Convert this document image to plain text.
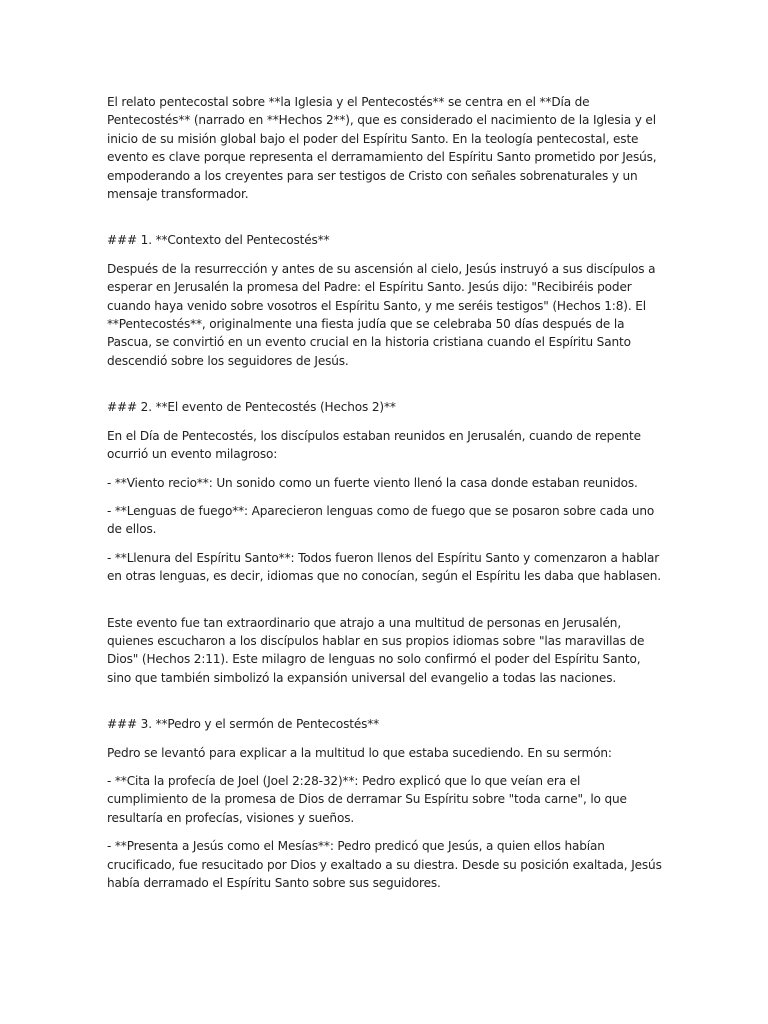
El relato pentecostal sobre **la Iglesia y el Pentecostés** se centra en el **Día de Pentecostés** (narrado en **Hechos 2**), que es considerado el nacimiento de la Iglesia y el inicio de su misión global bajo el poder del Espíritu Santo. En la teología pentecostal, este evento es clave porque representa el derramamiento del Espíritu Santo prometido por Jesús, empoderando a los creyentes para ser testigos de Cristo con señales sobrenaturales y un mensaje transformador.

### 1. **Contexto del Pentecostés**

Después de la resurrección y antes de su ascensión al cielo, Jesús instruyó a sus discípulos a esperar en Jerusalén la promesa del Padre: el Espíritu Santo. Jesús dijo: "Recibiréis poder cuando haya venido sobre vosotros el Espíritu Santo, y me seréis testigos" (Hechos 1:8). El **Pentecostés**, originalmente una fiesta judía que se celebraba 50 días después de la Pascua, se convirtió en un evento crucial en la historia cristiana cuando el Espíritu Santo descendió sobre los seguidores de Jesús.

### 2. **El evento de Pentecostés (Hechos 2)**

En el Día de Pentecostés, los discípulos estaban reunidos en Jerusalén, cuando de repente ocurrió un evento milagroso:

- **Viento recio**: Un sonido como un fuerte viento llenó la casa donde estaban reunidos.

- **Lenguas de fuego**: Aparecieron lenguas como de fuego que se posaron sobre cada uno de ellos.

- **Llenura del Espíritu Santo**: Todos fueron llenos del Espíritu Santo y comenzaron a hablar en otras lenguas, es decir, idiomas que no conocían, según el Espíritu les daba que hablasen.

Este evento fue tan extraordinario que atrajo a una multitud de personas en Jerusalén, quienes escucharon a los discípulos hablar en sus propios idiomas sobre "las maravillas de Dios" (Hechos 2:11). Este milagro de lenguas no solo confirmó el poder del Espíritu Santo, sino que también simbolizó la expansión universal del evangelio a todas las naciones.

### 3. **Pedro y el sermón de Pentecostés**

Pedro se levantó para explicar a la multitud lo que estaba sucediendo. En su sermón:

- **Cita la profecía de Joel (Joel 2:28-32)**: Pedro explicó que lo que veían era el cumplimiento de la promesa de Dios de derramar Su Espíritu sobre "toda carne", lo que resultaría en profecías, visiones y sueños.

- **Presenta a Jesús como el Mesías**: Pedro predicó que Jesús, a quien ellos habían crucificado, fue resucitado por Dios y exaltado a su diestra. Desde su posición exaltada, Jesús había derramado el Espíritu Santo sobre sus seguidores.
